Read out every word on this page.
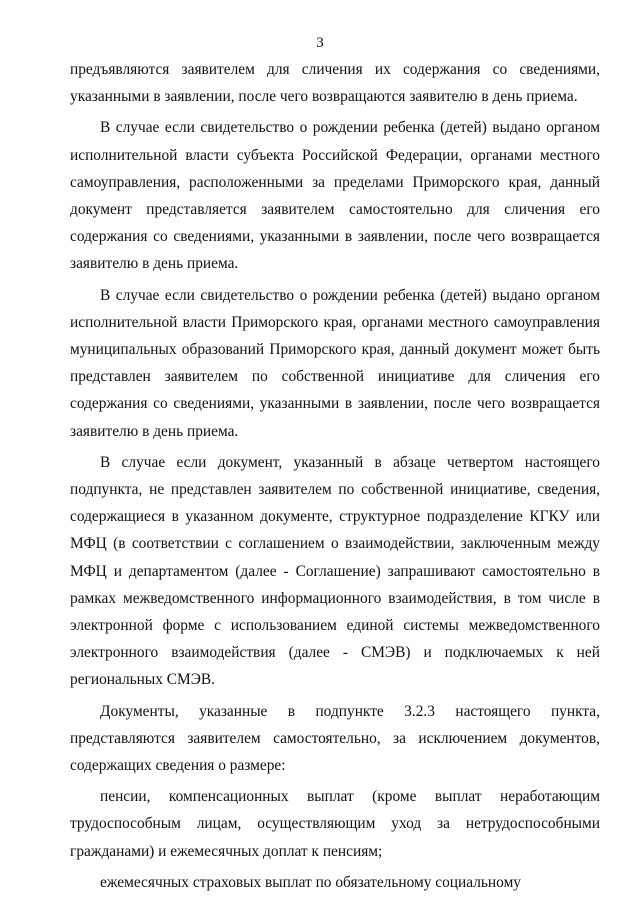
3

предъявляются заявителем для сличения их содержания со сведениями, указанными в заявлении, после чего возвращаются заявителю в день приема.

В случае если свидетельство о рождении ребенка (детей) выдано органом исполнительной власти субъекта Российской Федерации, органами местного самоуправления, расположенными за пределами Приморского края, данный документ представляется заявителем самостоятельно для сличения его содержания со сведениями, указанными в заявлении, после чего возвращается заявителю в день приема.

В случае если свидетельство о рождении ребенка (детей) выдано органом исполнительной власти Приморского края, органами местного самоуправления муниципальных образований Приморского края, данный документ может быть представлен заявителем по собственной инициативе для сличения его содержания со сведениями, указанными в заявлении, после чего возвращается заявителю в день приема.

В случае если документ, указанный в абзаце четвертом настоящего подпункта, не представлен заявителем по собственной инициативе, сведения, содержащиеся в указанном документе, структурное подразделение КГКУ или МФЦ (в соответствии с соглашением о взаимодействии, заключенным между МФЦ и департаментом (далее - Соглашение) запрашивают самостоятельно в рамках межведомственного информационного взаимодействия, в том числе в электронной форме с использованием единой системы межведомственного электронного взаимодействия (далее - СМЭВ) и подключаемых к ней региональных СМЭВ.

Документы, указанные в подпункте 3.2.3 настоящего пункта, представляются заявителем самостоятельно, за исключением документов, содержащих сведения о размере:

пенсии, компенсационных выплат (кроме выплат неработающим трудоспособным лицам, осуществляющим уход за нетрудоспособными гражданами) и ежемесячных доплат к пенсиям;

ежемесячных страховых выплат по обязательному социальному
